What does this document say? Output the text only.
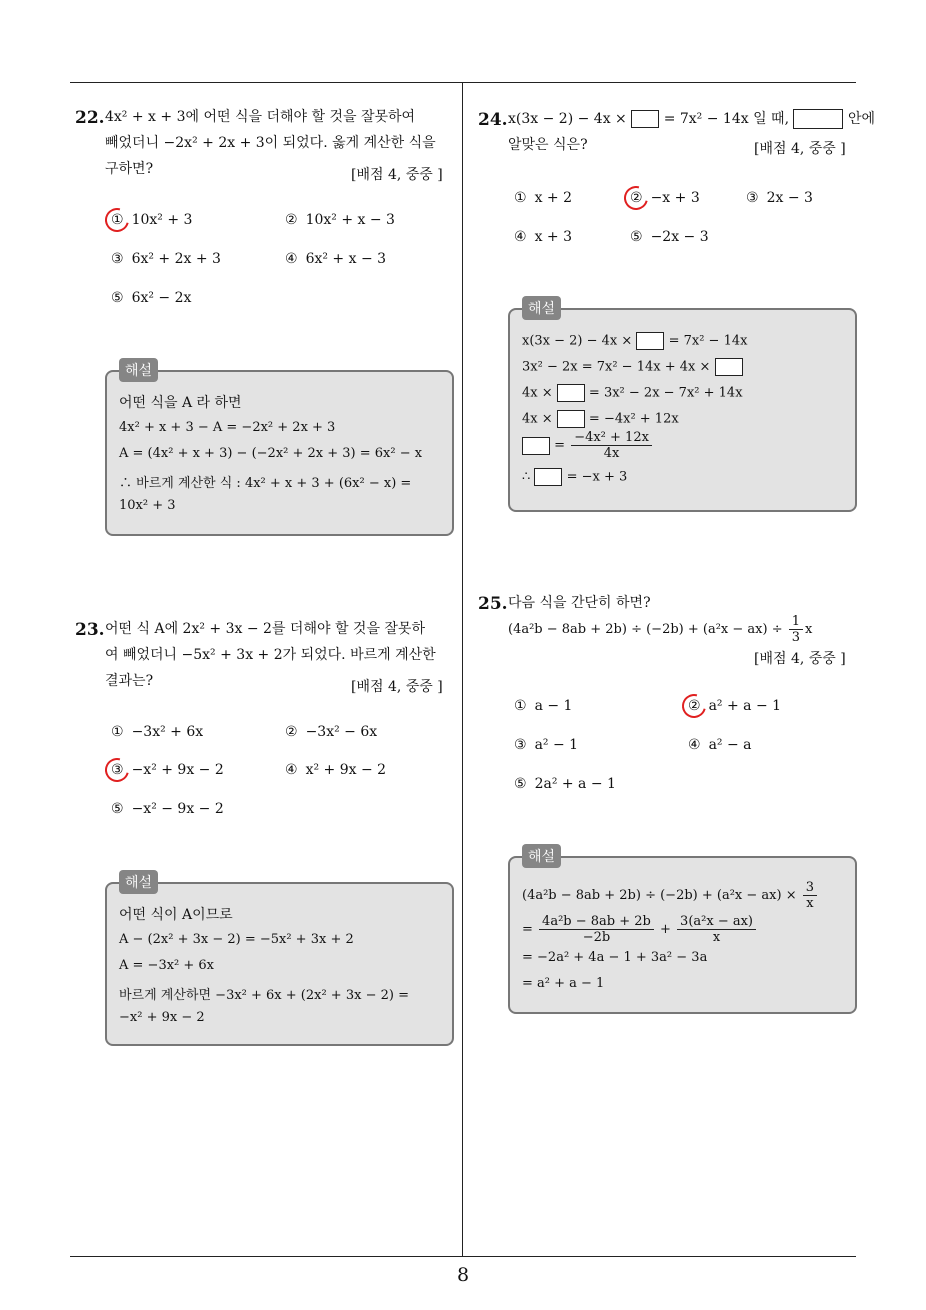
8
22. 4x² + x + 3에 어떤 식을 더해야 할 것을 잘못하여
빼었더니 −2x² + 2x + 3이 되었다. 옳게 계산한 식을
구하면?	[배점 4, 중중 ]
① 10x² + 3	② 10x² + x − 3
③ 6x² + 2x + 3	④ 6x² + x − 3
⑤ 6x² − 2x
해설
어떤 식을 A 라 하면
4x² + x + 3 − A = −2x² + 2x + 3
A = (4x² + x + 3) − (−2x² + 2x + 3) = 6x² − x
∴ 바르게 계산한 식 : 4x² + x + 3 + (6x² − x) =
10x² + 3
23. 어떤 식 A에 2x² + 3x − 2를 더해야 할 것을 잘못하
여 빼었더니 −5x² + 3x + 2가 되었다. 바르게 계산한
결과는?	[배점 4, 중중 ]
① −3x² + 6x	② −3x² − 6x
③ −x² + 9x − 2	④ x² + 9x − 2
⑤ −x² − 9x − 2
해설
어떤 식이 A이므로
A − (2x² + 3x − 2) = −5x² + 3x + 2
A = −3x² + 6x
바르게 계산하면 −3x² + 6x + (2x² + 3x − 2) =
−x² + 9x − 2
24. x(3x − 2) − 4x ×	= 7x² − 14x 일 때,	안에
알맞은 식은?	[배점 4, 중중 ]
① x + 2	② −x + 3	③ 2x − 3
④ x + 3	⑤ −2x − 3
해설
x(3x − 2) − 4x ×	= 7x² − 14x
3x² − 2x = 7x² − 14x + 4x ×
4x ×	= 3x² − 2x − 7x² + 14x
4x ×	= −4x² + 12x
= $\frac{\text{−4x² + 12x}}{4x}$
∴	= −x + 3
25. 다음 식을 간단히 하면?
$(4a^2b - 8ab + 2b) \div (-2b) + (a^2x - ax) \div \frac{1}{3}$ x
[배점 4, 중중 ]
① a − 1	② a² + a − 1
③ a² − 1	④ a² − a
⑤ 2a² + a − 1
해설
$(4a^2b - 8ab + 2b) \div (-2b) + (a^2x - ax) \times \frac{3}{x}$
= $\frac{\text{4a²b − 8ab + 2b}}{-2b} + \frac{\text{3(a²x − ax)}}{x}$
= −2a² + 4a − 1 + 3a² − 3a
= a² + a − 1
